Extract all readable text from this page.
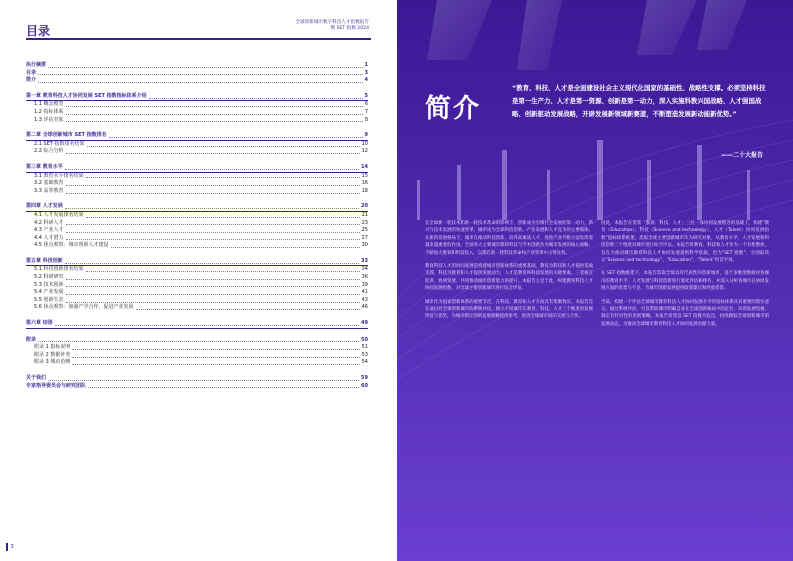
目录
全球创新城市数字科技人才指数报告
暨 SET 指数 2024
执行摘要	1
目录	3
简介	4
第一章 教育科技人才协同发展 SET 指数指标体系介绍	5
1.1 概念模型	6
1.2 指标体系	7
1.3 评估对象	8
第二章 全球创新城市 SET 指数排名	9
2.1 SET 指数排名结果	10
2.2 综合分析	12
第三章 教育水平	14
3.1 教育水平排名结果	15
3.2 基础教育	16
3.3 高等教育	18
第四章 人才发展	20
4.1 人才发展排名结果	21
4.2 科研人才	23
4.3 产业人才	25
4.4 人才潜力	27
4.5 焦点观察：城市创新人才建设	30
第五章 科技创新	33
5.1 科技创新排名结果	34
5.2 科研研究	36
5.3 技术创新	39
5.4 产业发展	41
5.5 创新生态	43
5.6 焦点观察：加强产学合作，促进产业发展	46
第六章 结语	49
附录	50
附录 1 指标说明	51
附录 2 数据补充	53
附录 3 城市范畴	54
关于我们	59
专家指导委员会与研究团队	60
3
简介
“教育、科技、人才是全面建设社会主义现代化国家的基础性、战略性支撑。必须坚持科技是第一生产力、人才是第一资源、创新是第一动力，深入实施科教兴国战略、人才强国战略、创新驱动发展战略，开辟发展新领域新赛道，不断塑造发展新动能新优势。”
——二十大报告

在全球新一轮技术和新一轮技术革命的影响下，创新成为引领社会发展的第一动力，新兴与技术发展的快速变革，城市成为全球科技创新、产业发展和人才竞争的主要载体。在新的发展格局下，城市在推动科技创新、培养高素质人才、促进产业升级方面发挥着越来越重要的作用。全球各大主要城市都将科技与学术创新作为城市发展的核心战略，不断加大教育和科技投入，以期在新一轮科技革命和产业变革中占得先机。

教育科技人才的协同发展是构建城市创新体系的重要基础，教育为科技和人才提供基础支撑，科技为教育和人才提供发展动力，人才是教育和科技发展的关键要素。三者相互促进、协同发展，共同推动城市创新能力的提升。本报告立足于此，构建教育科技人才协同发展指数，对全球主要创新城市进行综合评估。

城市作为国家创新体系的重要节点，在科技、教育和人才方面具有集聚效应。本报告旨在通过对全球创新城市的系统评估，揭示不同城市在教育、科技、人才三个维度的发展特征与优势，为城市制定创新发展战略提供参考，促进全球城市间的交流与合作。

因此，本报告在借鉴「教育、科技、人才」三位一体协同发展理念的基础上，构建“教育（Education）、科技（Science and technology）、人才（Talent）协同发展指数”指标体系框架，选取全球主要创新城市作为研究对象，从教育水平、人才发展和科技创新三个维度对城市进行综合评估。本报告将教育、科技和人才作为一个有机整体，旨在为推动城市教育科技人才协同发展提供科学依据，也为“SET 指数”，分别取英文“Science and technology”、“Education”、“Talent”的首字母。

在 SET 指数框架下，本报告选取全球具有代表性的创新城市，基于多维度数据对各城市的教育水平、人才发展与科技创新进行量化评估和排名，并深入分析各城市在协同发展方面的优势与不足，为城市创新发展提供政策建议和经验借鉴。

当前，构建一个评估全球城市教育科技人才协同发展水平的指标体系具有重要的现实意义。通过系统评估，可以帮助城市明确自身在全球创新格局中的定位，识别发展短板，制定有针对性的发展策略。本报告希望以 SET 指数为起点，持续跟踪全球创新城市的发展动态，为推动全球城市教育科技人才协同发展贡献力量。
